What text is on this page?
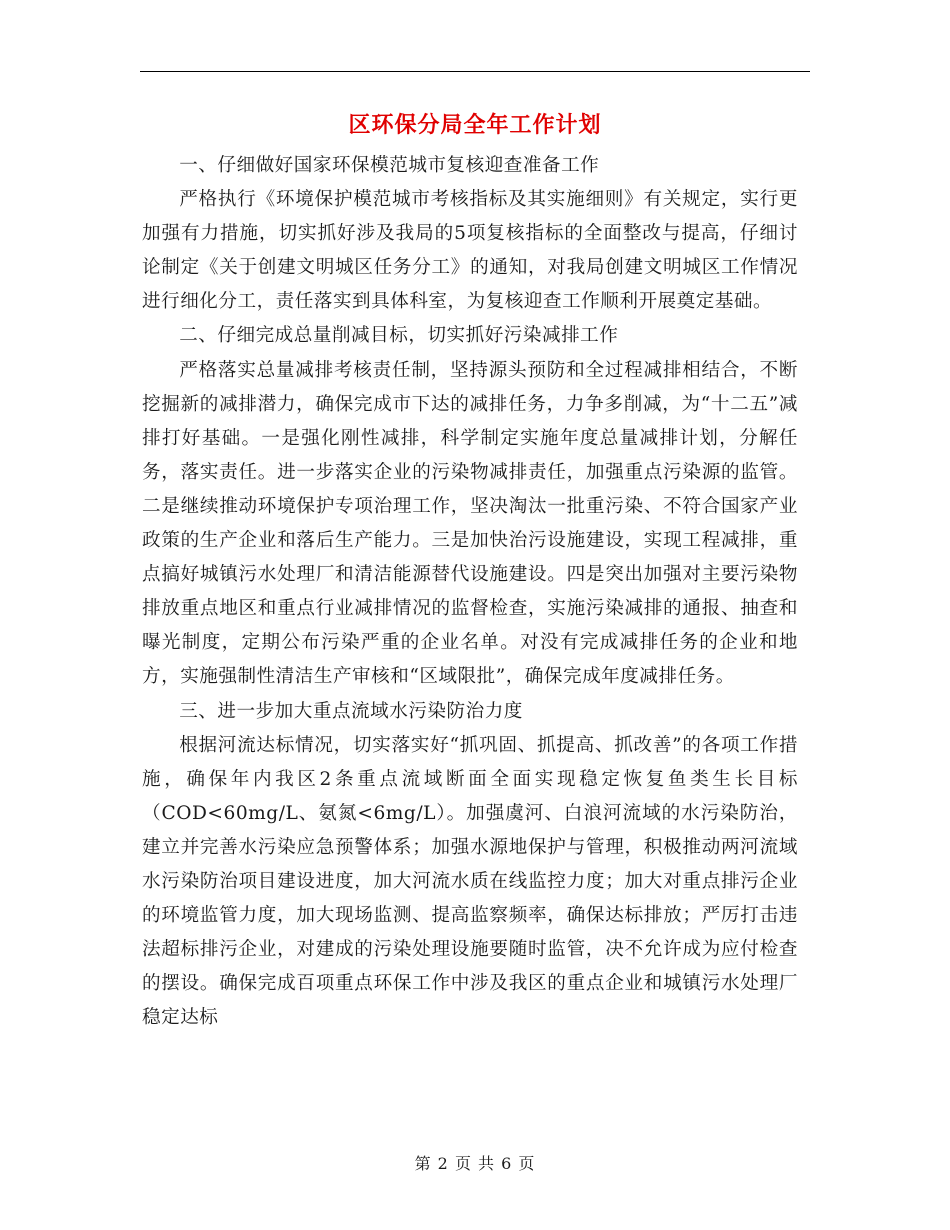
区环保分局全年工作计划

一、仔细做好国家环保模范城市复核迎查准备工作

严格执行《环境保护模范城市考核指标及其实施细则》有关规定，实行更加强有力措施，切实抓好涉及我局的5项复核指标的全面整改与提高，仔细讨论制定《关于创建文明城区任务分工》的通知，对我局创建文明城区工作情况进行细化分工，责任落实到具体科室，为复核迎查工作顺利开展奠定基础。

二、仔细完成总量削减目标，切实抓好污染减排工作

严格落实总量减排考核责任制，坚持源头预防和全过程减排相结合，不断挖掘新的减排潜力，确保完成市下达的减排任务，力争多削减，为“十二五”减排打好基础。一是强化刚性减排，科学制定实施年度总量减排计划，分解任务，落实责任。进一步落实企业的污染物减排责任，加强重点污染源的监管。二是继续推动环境保护专项治理工作，坚决淘汰一批重污染、不符合国家产业政策的生产企业和落后生产能力。三是加快治污设施建设，实现工程减排，重点搞好城镇污水处理厂和清洁能源替代设施建设。四是突出加强对主要污染物排放重点地区和重点行业减排情况的监督检查，实施污染减排的通报、抽查和曝光制度，定期公布污染严重的企业名单。对没有完成减排任务的企业和地方，实施强制性清洁生产审核和“区域限批”，确保完成年度减排任务。

三、进一步加大重点流域水污染防治力度

根据河流达标情况，切实落实好“抓巩固、抓提高、抓改善”的各项工作措施，确保年内我区2条重点流域断面全面实现稳定恢复鱼类生长目标（COD<60mg/L、氨氮<6mg/L）。加强虞河、白浪河流域的水污染防治，建立并完善水污染应急预警体系；加强水源地保护与管理，积极推动两河流域水污染防治项目建设进度，加大河流水质在线监控力度；加大对重点排污企业的环境监管力度，加大现场监测、提高监察频率，确保达标排放；严厉打击违法超标排污企业，对建成的污染处理设施要随时监管，决不允许成为应付检查的摆设。确保完成百项重点环保工作中涉及我区的重点企业和城镇污水处理厂稳定达标

第 2 页 共 6 页
